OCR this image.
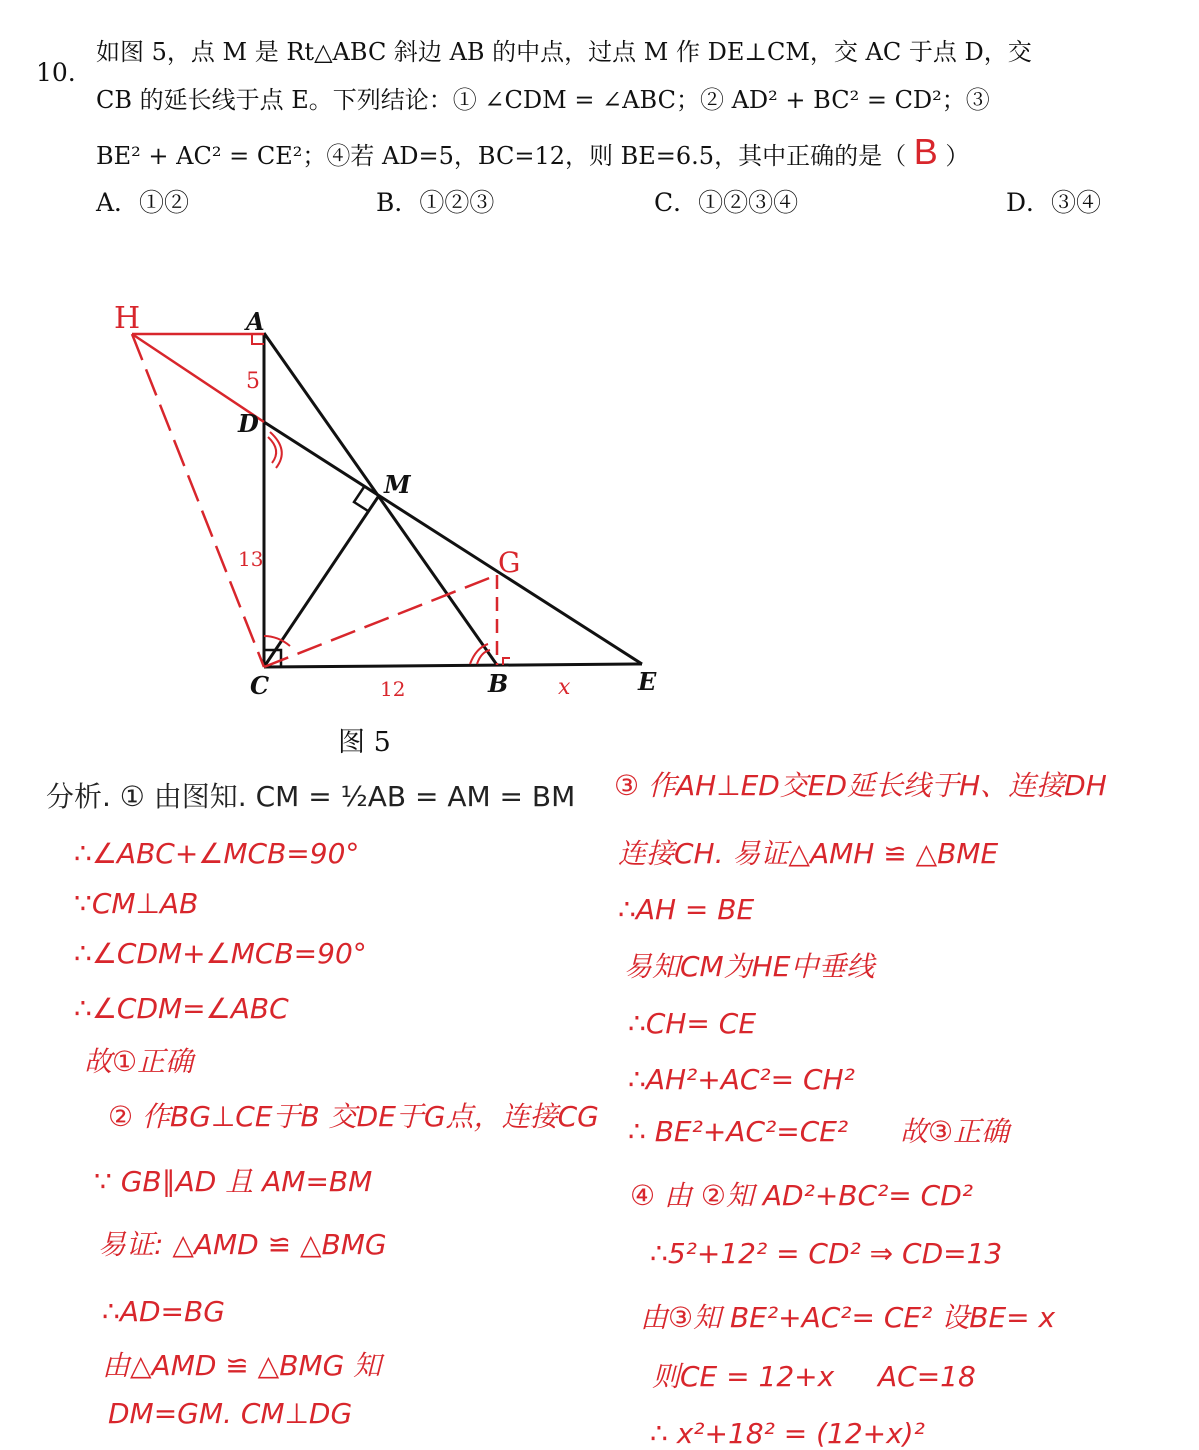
10.
如图 5，点 M 是 Rt△ABC 斜边 AB 的中点，过点 M 作 DE⊥CM，交 AC 于点 D，交
CB 的延长线于点 E。下列结论：① ∠CDM = ∠ABC；② AD² + BC² = CD²；③
BE² + AC² = CE²；④若 AD=5，BC=12，则 BE=6.5，其中正确的是（ B ）
A．①②	B．①②③	C．①②③④	D．③④
A
D
M
C	B	E
H
G
5
13
12	x
图 5
分析. ① 由图知. CM = ½AB = AM = BM
∴∠ABC+∠MCB=90°
∵CM⊥AB
∴∠CDM+∠MCB=90°
∴∠CDM=∠ABC
故①正确
② 作BG⊥CE于B 交DE于G点，连接CG
∵ GB∥AD 且 AM=BM
易证: △AMD ≌ △BMG
∴AD=BG
由△AMD ≌ △BMG 知
DM=GM. CM⊥DG
③ 作AH⊥ED交ED延长线于H、连接DH
连接CH. 易证△AMH ≌ △BME
∴AH = BE
易知CM为HE中垂线
∴CH= CE
∴AH²+AC²= CH²
∴ BE²+AC²=CE² 故③正确
④ 由 ②知 AD²+BC²= CD²
∴5²+12² = CD² ⇒ CD=13
由③知 BE²+AC²= CE² 设BE= x
则CE = 12+x AC=18
∴ x²+18² = (12+x)²
